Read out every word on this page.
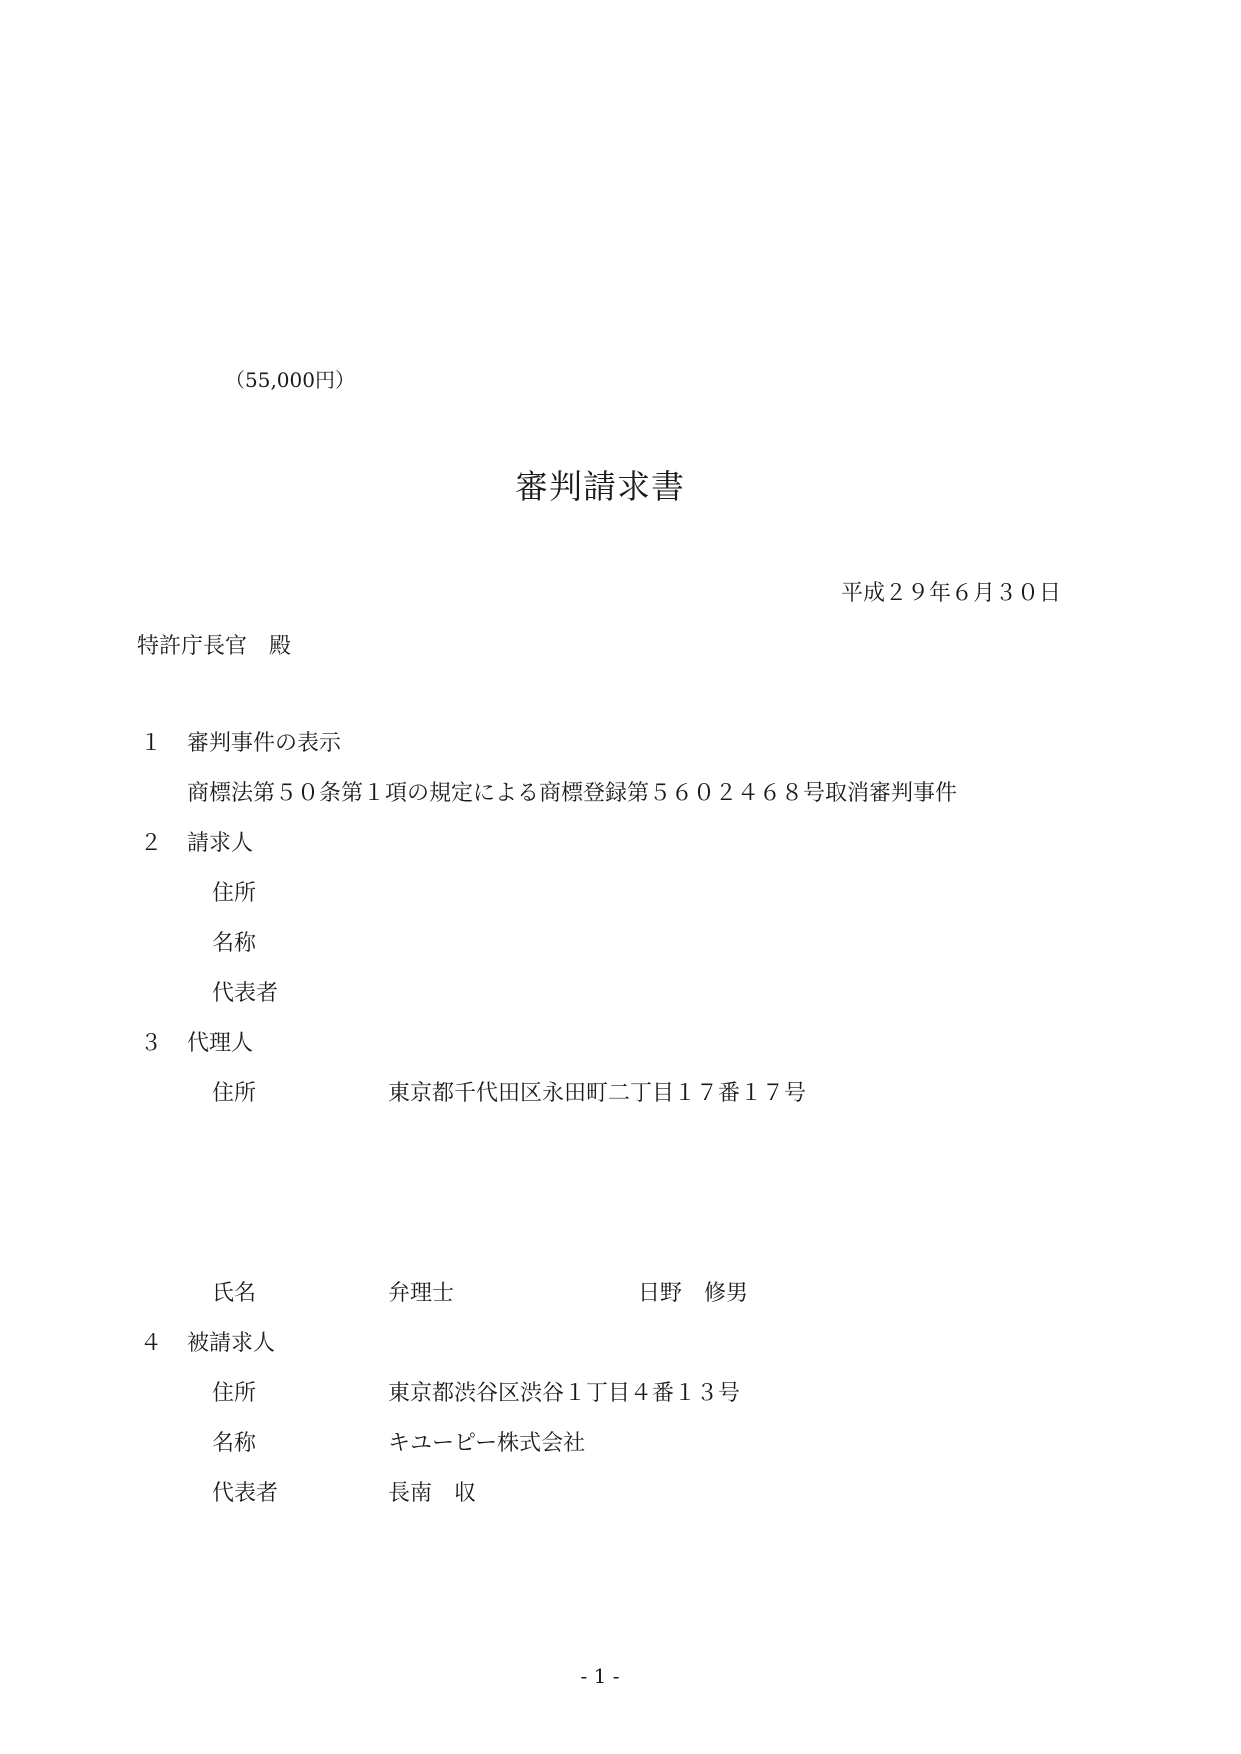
（55,000円）
審判請求書
平成２９年６月３０日
特許庁長官　殿
１ 審判事件の表示
商標法第５０条第１項の規定による商標登録第５６０２４６８号取消審判事件
２ 請求人
住所
名称
代表者
３ 代理人
住所	東京都千代田区永田町二丁目１７番１７号
氏名	弁理士	日野　修男
４ 被請求人
住所	東京都渋谷区渋谷１丁目４番１３号
名称	キユーピー株式会社
代表者	長南　収
- 1 -
